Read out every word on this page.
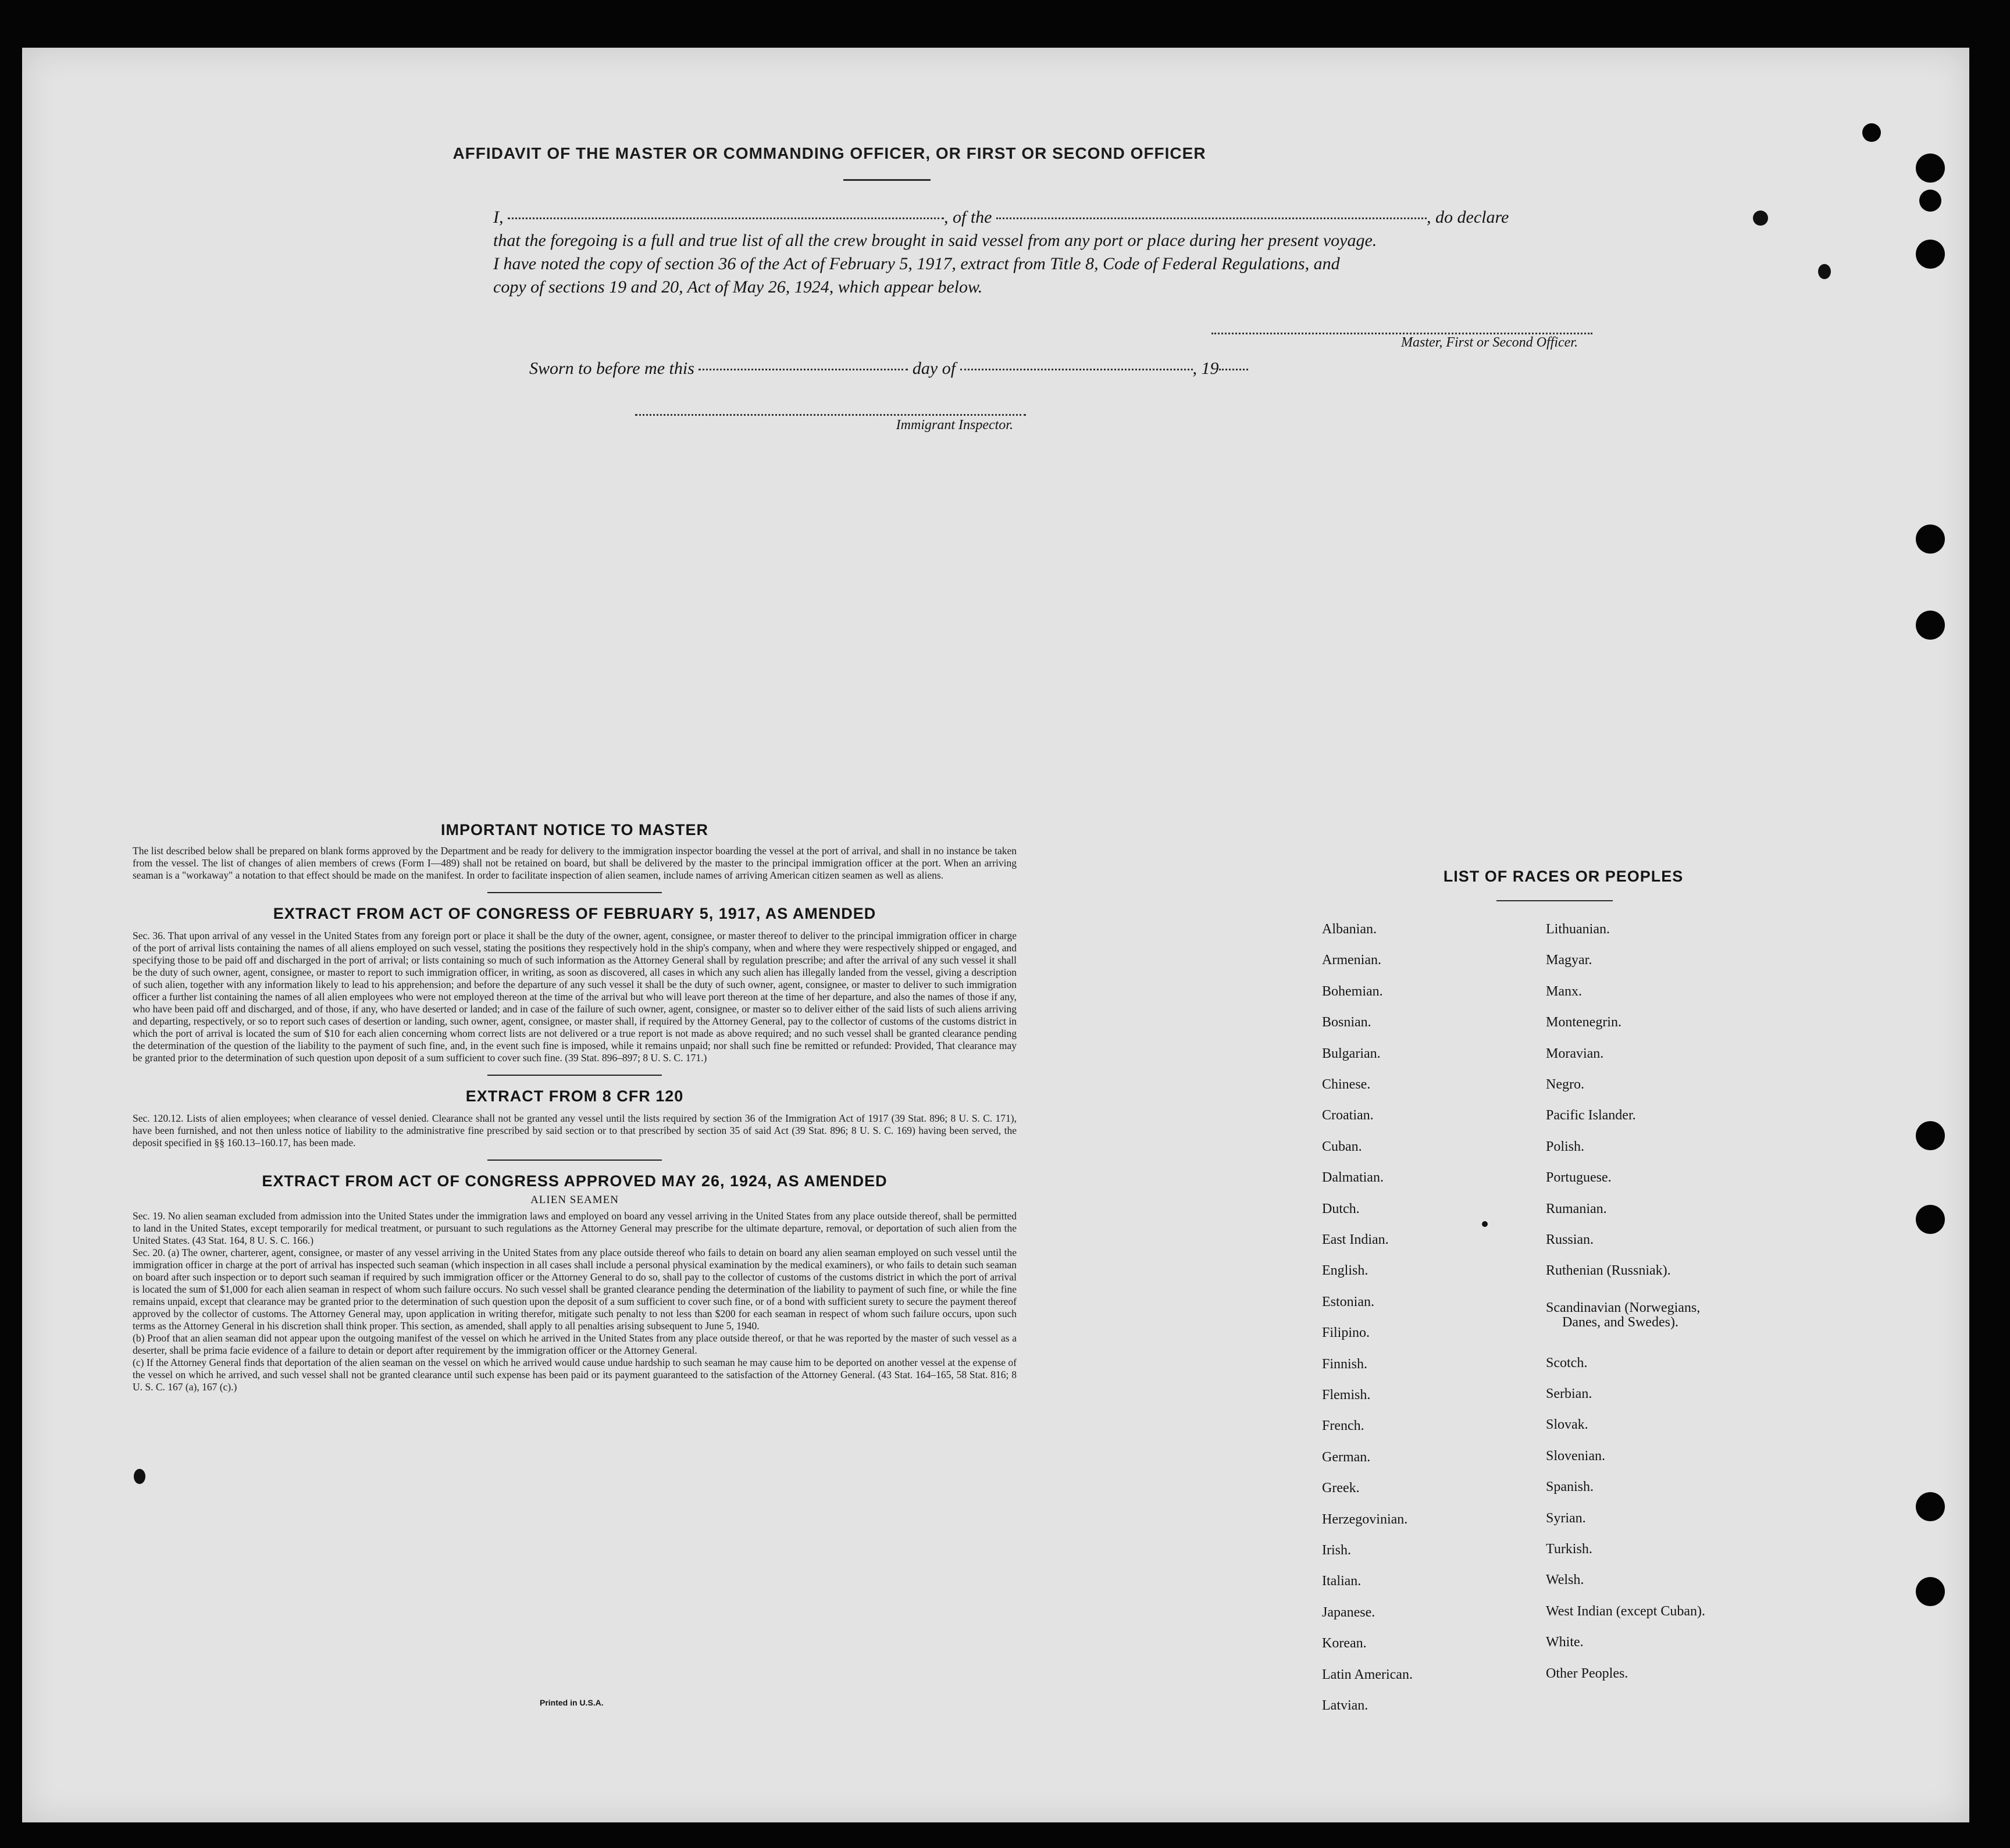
AFFIDAVIT OF THE MASTER OR COMMANDING OFFICER, OR FIRST OR SECOND OFFICER
I,	, of the	, do declare
that the foregoing is a full and true list of all the crew brought in said vessel from any port or place during her present voyage.
I have noted the copy of section 36 of the Act of February 5, 1917, extract from Title 8, Code of Federal Regulations, and
copy of sections 19 and 20, Act of May 26, 1924, which appear below.
Master, First or Second Officer.
Sworn to before me this	day of	, 19
Immigrant Inspector.

IMPORTANT NOTICE TO MASTER

The list described below shall be prepared on blank forms approved by the Department and be ready for delivery to the immigration inspector boarding the vessel at the port of arrival, and shall in no instance be taken from the vessel. The list of changes of alien members of crews (Form I—489) shall not be retained on board, but shall be delivered by the master to the principal immigration officer at the port. When an arriving seaman is a "workaway" a notation to that effect should be made on the manifest. In order to facilitate inspection of alien seamen, include names of arriving American citizen seamen as well as aliens.

EXTRACT FROM ACT OF CONGRESS OF FEBRUARY 5, 1917, AS AMENDED

Sec. 36. That upon arrival of any vessel in the United States from any foreign port or place it shall be the duty of the owner, agent, consignee, or master thereof to deliver to the principal immigration officer in charge of the port of arrival lists containing the names of all aliens employed on such vessel, stating the positions they respectively hold in the ship's company, when and where they were respectively shipped or engaged, and specifying those to be paid off and discharged in the port of arrival; or lists containing so much of such information as the Attorney General shall by regulation prescribe; and after the arrival of any such vessel it shall be the duty of such owner, agent, consignee, or master to report to such immigration officer, in writing, as soon as discovered, all cases in which any such alien has illegally landed from the vessel, giving a description of such alien, together with any information likely to lead to his apprehension; and before the departure of any such vessel it shall be the duty of such owner, agent, consignee, or master to deliver to such immigration officer a further list containing the names of all alien employees who were not employed thereon at the time of the arrival but who will leave port thereon at the time of her departure, and also the names of those if any, who have been paid off and discharged, and of those, if any, who have deserted or landed; and in case of the failure of such owner, agent, consignee, or master so to deliver either of the said lists of such aliens arriving and departing, respectively, or so to report such cases of desertion or landing, such owner, agent, consignee, or master shall, if required by the Attorney General, pay to the collector of customs of the customs district in which the port of arrival is located the sum of $10 for each alien concerning whom correct lists are not delivered or a true report is not made as above required; and no such vessel shall be granted clearance pending the determination of the question of the liability to the payment of such fine, and, in the event such fine is imposed, while it remains unpaid; nor shall such fine be remitted or refunded: Provided, That clearance may be granted prior to the determination of such question upon deposit of a sum sufficient to cover such fine. (39 Stat. 896–897; 8 U. S. C. 171.)

EXTRACT FROM 8 CFR 120

Sec. 120.12. Lists of alien employees; when clearance of vessel denied. Clearance shall not be granted any vessel until the lists required by section 36 of the Immigration Act of 1917 (39 Stat. 896; 8 U. S. C. 171), have been furnished, and not then unless notice of liability to the administrative fine prescribed by said section or to that prescribed by section 35 of said Act (39 Stat. 896; 8 U. S. C. 169) having been served, the deposit specified in §§ 160.13–160.17, has been made.

EXTRACT FROM ACT OF CONGRESS APPROVED MAY 26, 1924, AS AMENDED

ALIEN SEAMEN

Sec. 19. No alien seaman excluded from admission into the United States under the immigration laws and employed on board any vessel arriving in the United States from any place outside thereof, shall be permitted to land in the United States, except temporarily for medical treatment, or pursuant to such regulations as the Attorney General may prescribe for the ultimate departure, removal, or deportation of such alien from the United States. (43 Stat. 164, 8 U. S. C. 166.)

Sec. 20. (a) The owner, charterer, agent, consignee, or master of any vessel arriving in the United States from any place outside thereof who fails to detain on board any alien seaman employed on such vessel until the immigration officer in charge at the port of arrival has inspected such seaman (which inspection in all cases shall include a personal physical examination by the medical examiners), or who fails to detain such seaman on board after such inspection or to deport such seaman if required by such immigration officer or the Attorney General to do so, shall pay to the collector of customs of the customs district in which the port of arrival is located the sum of $1,000 for each alien seaman in respect of whom such failure occurs. No such vessel shall be granted clearance pending the determination of the liability to payment of such fine, or while the fine remains unpaid, except that clearance may be granted prior to the determination of such question upon the deposit of a sum sufficient to cover such fine, or of a bond with sufficient surety to secure the payment thereof approved by the collector of customs. The Attorney General may, upon application in writing therefor, mitigate such penalty to not less than $200 for each seaman in respect of whom such failure occurs, upon such terms as the Attorney General in his discretion shall think proper. This section, as amended, shall apply to all penalties arising subsequent to June 5, 1940.

(b) Proof that an alien seaman did not appear upon the outgoing manifest of the vessel on which he arrived in the United States from any place outside thereof, or that he was reported by the master of such vessel as a deserter, shall be prima facie evidence of a failure to detain or deport after requirement by the immigration officer or the Attorney General.

(c) If the Attorney General finds that deportation of the alien seaman on the vessel on which he arrived would cause undue hardship to such seaman he may cause him to be deported on another vessel at the expense of the vessel on which he arrived, and such vessel shall not be granted clearance until such expense has been paid or its payment guaranteed to the satisfaction of the Attorney General. (43 Stat. 164–165, 58 Stat. 816; 8 U. S. C. 167 (a), 167 (c).)

Printed in U.S.A.

LIST OF RACES OR PEOPLES

Albanian.
Armenian.
Bohemian.
Bosnian.
Bulgarian.
Chinese.
Croatian.
Cuban.
Dalmatian.
Dutch.
East Indian.
English.
Estonian.
Filipino.
Finnish.
Flemish.
French.
German.
Greek.
Herzegovinian.
Irish.
Italian.
Japanese.
Korean.
Latin American.
Latvian.
Lithuanian.
Magyar.
Manx.
Montenegrin.
Moravian.
Negro.
Pacific Islander.
Polish.
Portuguese.
Rumanian.
Russian.
Ruthenian (Russniak).
Scandinavian (Norwegians,
Danes, and Swedes).
Scotch.
Serbian.
Slovak.
Slovenian.
Spanish.
Syrian.
Turkish.
Welsh.
West Indian (except Cuban).
White.
Other Peoples.
